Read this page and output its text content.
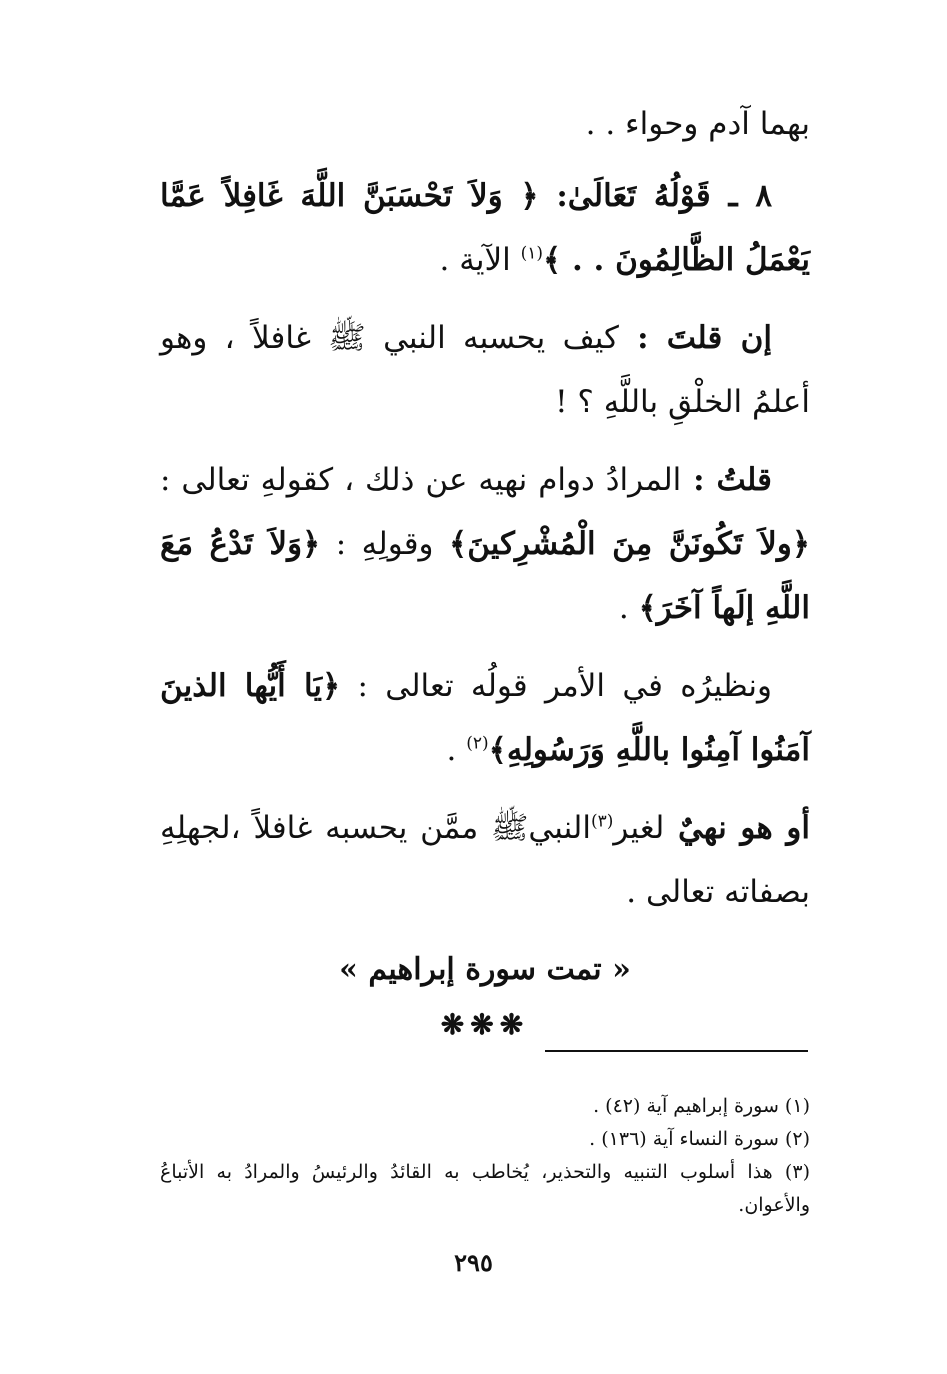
بهما آدم وحواء . .

٨ ـ قَوْلُهُ تَعَالَىٰ: ﴿ وَلاَ تَحْسَبَنَّ اللَّهَ غَافِلاً عَمَّا يَعْمَلُ الظَّالِمُونَ . . ﴾$^{(١)}$ الآية .

إن قلتَ : كيف يحسبه النبي ﷺ غافلاً ، وهو أعلمُ الخلْقِ باللَّهِ ؟ !

قلتُ : المرادُ دوام نهيه عن ذلك ، كقولهِ تعالى : ﴿ولاَ تَكُونَنَّ مِنَ الْمُشْرِكينَ﴾ وقولِهِ : ﴿وَلاَ تَدْعُ مَعَ اللَّهِ إلَهاً آخَرَ﴾ .

ونظيرُه في الأمر قولُه تعالى : ﴿يَا أَيُّها الذينَ آمَنُوا آمِنُوا باللَّهِ وَرَسُولِهِ﴾$^{(٢)}$ .

أو هو نهيٌ لغير$^{(٣)}$النبيﷺ ممَّن يحسبه غافلاً ،لجهلِهِ بصفاته تعالى .

« تمت سورة إبراهيم »
❋❋❋
(١) سورة إبراهيم آية (٤٢) .
(٢) سورة النساء آية (١٣٦) .
(٣) هذا أسلوب التنبيه والتحذير، يُخاطب به القائدُ والرئيسُ والمرادُ به الأتباعُ والأعوان.
٢٩٥
